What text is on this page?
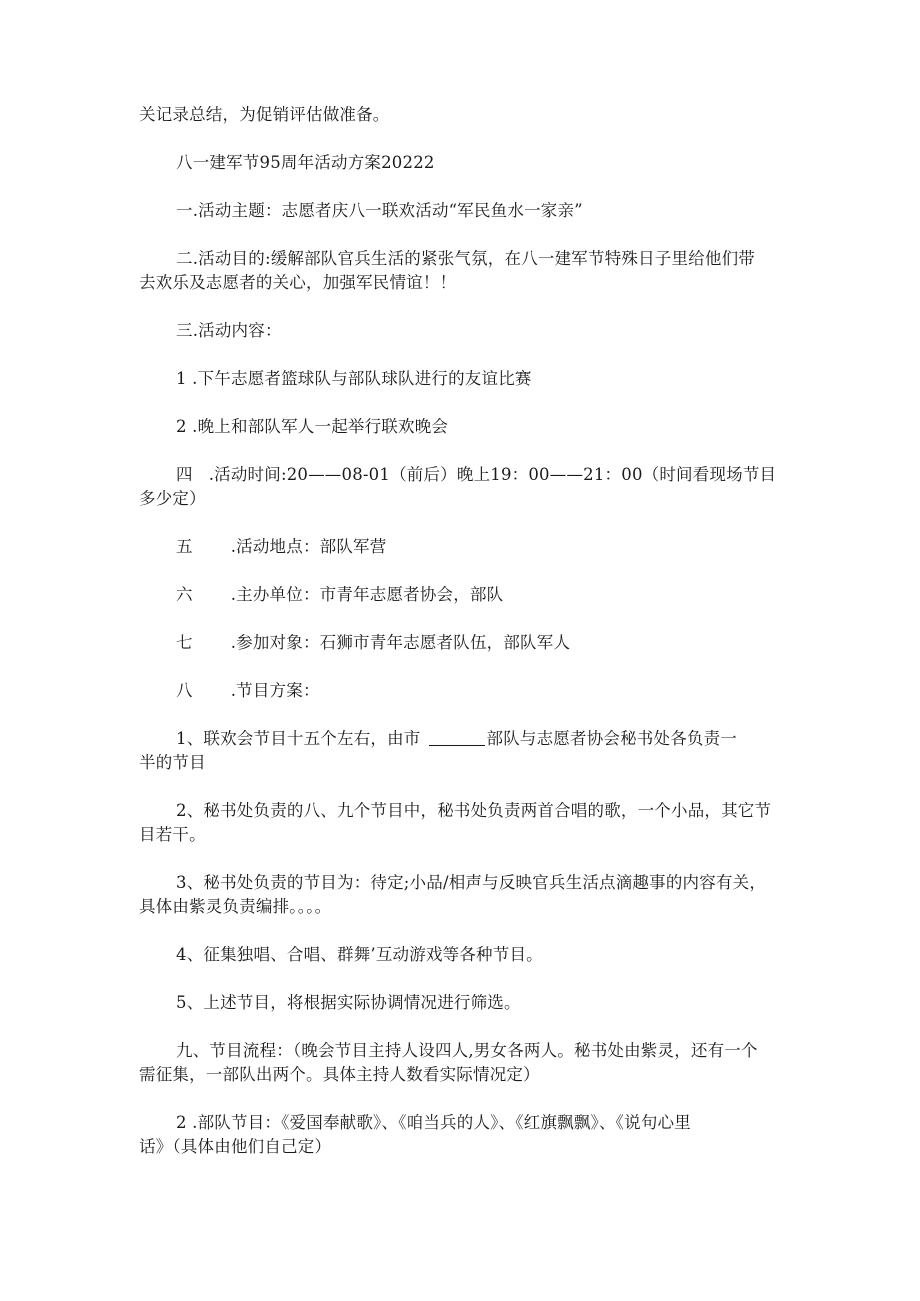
关记录总结，为促销评估做准备。
八一建军节95周年活动方案20222
一.活动主题：志愿者庆八一联欢活动“军民鱼水一家亲”
二.活动目的:缓解部队官兵生活的紧张气氛，在八一建军节特殊日子里给他们带
去欢乐及志愿者的关心，加强军民情谊！！
三.活动内容：
1 .下午志愿者篮球队与部队球队进行的友谊比赛
2 .晚上和部队军人一起举行联欢晚会
四 .活动时间:20——08-01（前后）晚上19：00——21：00（时间看现场节目
多少定）
五 .活动地点：部队军营
六 .主办单位：市青年志愿者协会，部队
七 .参加对象：石狮市青年志愿者队伍，部队军人
八 .节目方案：
1、联欢会节目十五个左右，由市	部队与志愿者协会秘书处各负责一
半的节目
2、秘书处负责的八、九个节目中，秘书处负责两首合唱的歌，一个小品，其它节
目若干。
3、秘书处负责的节目为：待定;小品/相声与反映官兵生活点滴趣事的内容有关，
具体由紫灵负责编排。。。。
4、征集独唱、合唱、群舞’互动游戏等各种节目。
5、上述节目，将根据实际协调情况进行筛选。
九、节目流程：（晚会节目主持人设四人,男女各两人。秘书处由紫灵，还有一个
需征集，一部队出两个。具体主持人数看实际情况定）
2 .部队节目：《爱国奉献歌》、《咱当兵的人》、《红旗飘飘》、《说句心里
话》（具体由他们自己定）
